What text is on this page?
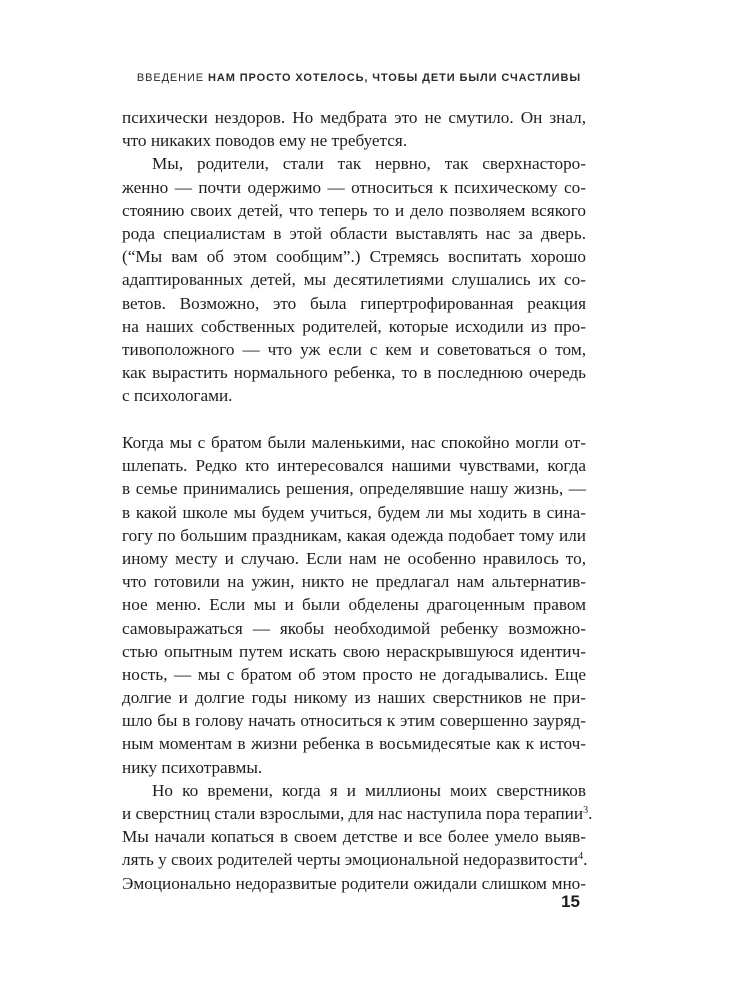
ВВЕДЕНИЕ НАМ ПРОСТО ХОТЕЛОСЬ, ЧТОБЫ ДЕТИ БЫЛИ СЧАСТЛИВЫ
психически нездоров. Но медбрата это не смутило. Он знал,
что никаких поводов ему не требуется.
Мы, родители, стали так нервно, так сверхнасторо-
женно — почти одержимо — относиться к психическому со-
стоянию своих детей, что теперь то и дело позволяем всякого
рода специалистам в этой области выставлять нас за дверь.
(“Мы вам об этом сообщим”.) Стремясь воспитать хорошо
адаптированных детей, мы десятилетиями слушались их со-
ветов. Возможно, это была гипертрофированная реакция
на наших собственных родителей, которые исходили из про-
тивоположного — что уж если с кем и советоваться о том,
как вырастить нормального ребенка, то в последнюю очередь
с психологами.
Когда мы с братом были маленькими, нас спокойно могли от-
шлепать. Редко кто интересовался нашими чувствами, когда
в семье принимались решения, определявшие нашу жизнь, —
в какой школе мы будем учиться, будем ли мы ходить в сина-
гогу по большим праздникам, какая одежда подобает тому или
иному месту и случаю. Если нам не особенно нравилось то,
что готовили на ужин, никто не предлагал нам альтернатив-
ное меню. Если мы и были обделены драгоценным правом
самовыражаться — якобы необходимой ребенку возможно-
стью опытным путем искать свою нераскрывшуюся идентич-
ность, — мы с братом об этом просто не догадывались. Еще
долгие и долгие годы никому из наших сверстников не при-
шло бы в голову начать относиться к этим совершенно зауряд-
ным моментам в жизни ребенка в восьмидесятые как к источ-
нику психотравмы.
Но ко времени, когда я и миллионы моих сверстников
и сверстниц стали взрослыми, для нас наступила пора терапии$^3$.
Мы начали копаться в своем детстве и все более умело выяв-
лять у своих родителей черты эмоциональной недоразвитости$^4$.
Эмоционально недоразвитые родители ожидали слишком мно-
15
